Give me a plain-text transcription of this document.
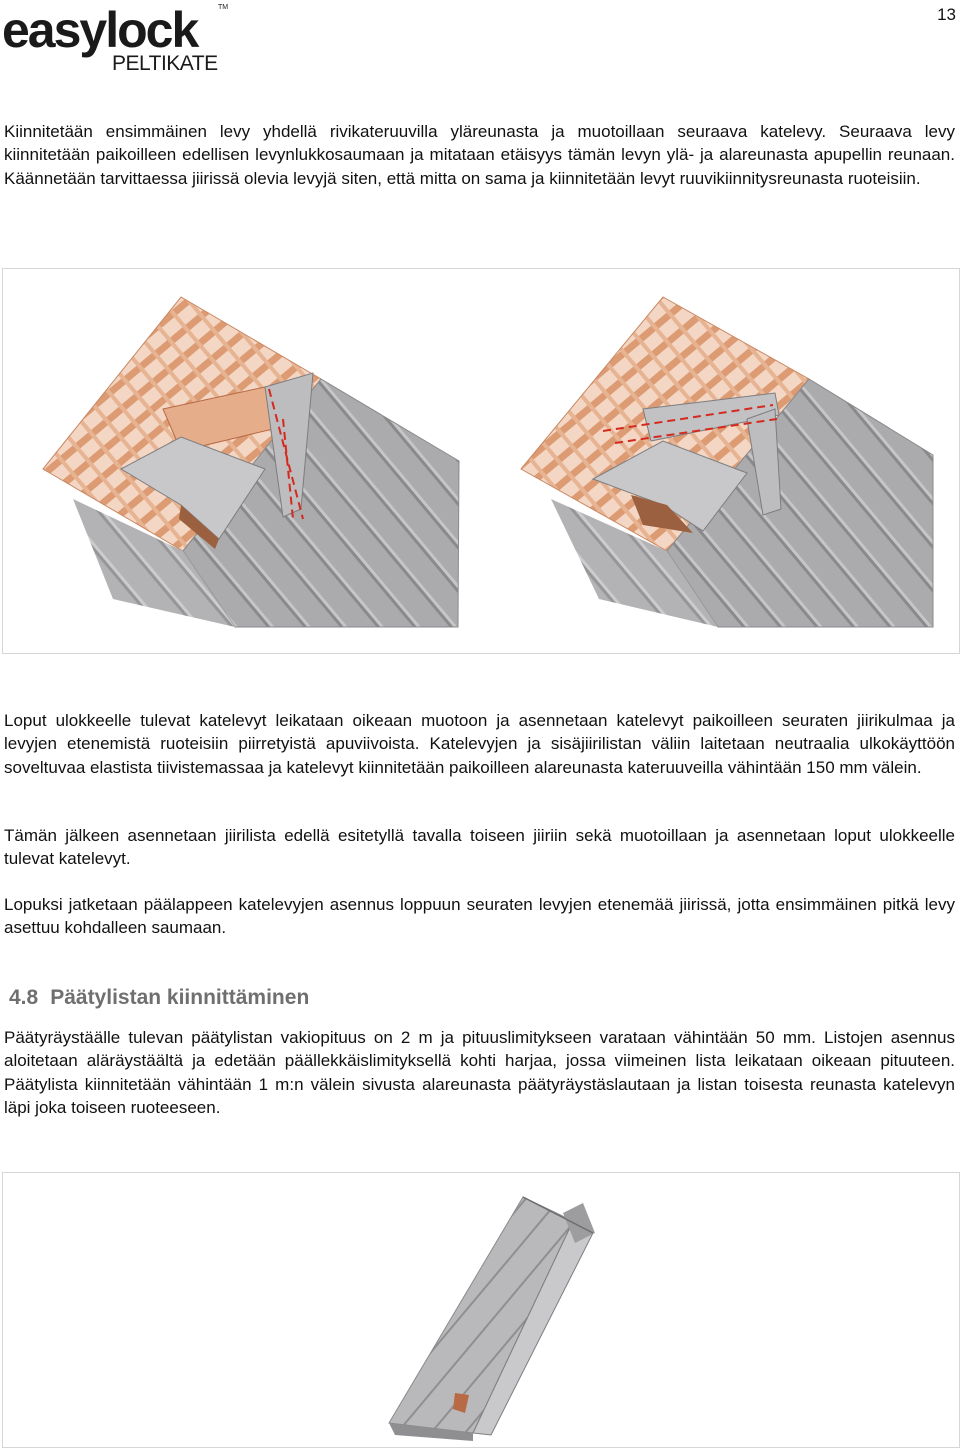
easylock	TM
PELTIKATE
13

Kiinnitetään ensimmäinen levy yhdellä rivikateruuvilla yläreunasta ja muotoillaan seuraava katelevy. Seuraava levy kiinnitetään paikoilleen edellisen levynlukkosaumaan ja mitataan etäisyys tämän levyn ylä- ja alareunasta apupellin reunaan. Käännetään tarvittaessa jiirissä olevia levyjä siten, että mitta on sama ja kiinnitetään levyt ruuvikiinnitysreunasta ruoteisiin.

Loput ulokkeelle tulevat katelevyt leikataan oikeaan muotoon ja asennetaan katelevyt paikoilleen seuraten jiirikulmaa ja levyjen etenemistä ruoteisiin piirretyistä apuviivoista. Katelevyjen ja sisäjiirilistan väliin laitetaan neutraalia ulkokäyttöön soveltuvaa elastista tiivistemassaa ja katelevyt kiinnitetään paikoilleen alareunasta kateruuveilla vähintään 150 mm välein.

Tämän jälkeen asennetaan jiirilista edellä esitetyllä tavalla toiseen jiiriin sekä muotoillaan ja asennetaan loput ulokkeelle tulevat katelevyt.

Lopuksi jatketaan päälappeen katelevyjen asennus loppuun seuraten levyjen etenemää jiirissä, jotta ensimmäinen pitkä levy asettuu kohdalleen saumaan.

4.8 Päätylistan kiinnittäminen

Päätyräystäälle tulevan päätylistan vakiopituus on 2 m ja pituuslimitykseen varataan vähintään 50 mm. Listojen asennus aloitetaan aläräystäältä ja edetään päällekkäislimityksellä kohti harjaa, jossa viimeinen lista leikataan oikeaan pituuteen. Päätylista kiinnitetään vähintään 1 m:n välein sivusta alareunasta päätyräystäslautaan ja listan toisesta reunasta katelevyn läpi joka toiseen ruoteeseen.
